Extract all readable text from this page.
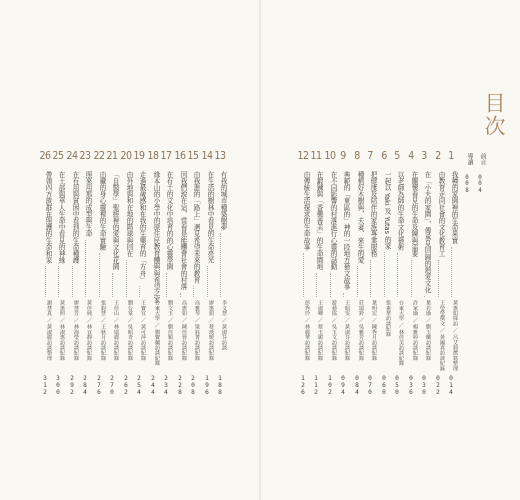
目次
前言
0
0
4
導讀
0
0
8
1
我種的家園裡的生命果實
黃惠如採訪 ／ 呂艾莉撰寫整理
0
1
4
2
由教育走向社會的文化教育工
王瑩瑩撰文 ／ 黃國真訪談紀錄
0
2
2
3
在「小夫的家園」，傳承見回歸的熱愛文化
葉若瑜 ／ 劉玉蘭訪談紀錄
0
3
0
4
在關懷看見的生命及陳與需要
許家瑜 ／ 楊雅婷訪談紀錄
0
3
6
5
以老師為師的生命文化藝術
台東大學 ／ 林佳美訪談紀錄
0
5
0
6
一起以 Yaki 及 Yutas 的家
張素華訪談紀錄
0
6
0
7
把健康及陪伴的家族專業服務
葉明宏 ／ 陳秀月訪談紀錄
0
7
0
8
種植好木樹與，夫妻、來生的愛
莊瑞鈴 ／ 吳雅芳訪談紀錄
0
8
4
9
典範的「東區的」神的一段地方藝文故事
王昭雯 ／ 黃淑芬訪談紀錄
0
9
4
10
在不同影響的村落進行心靈的話動
游藝協 ／ 吳玉文訪談紀錄
1
0
2
11
在鍛鍊與「香藥善美」的生命園地
王淑卿 ／ 蔡玉媚訪談紀錄
1
1
2
12
由傳統生活探求的生命故事
彭秀玲 ／ 林麗華訪談紀錄
1
2
6
13
有我的城市種築樹夢
李文慧 ／ 黃淑芬訪談
1
8
8
14
在生活的樹林中看見的生命亮光
廖惠娟 ／ 蔡琇媛訪談紀錄
1
9
6
15
由我進的「路上」遇見希望未來的教育
高雅琴 ／ 梁鈺菁訪談紀錄
2
0
8
16
因我們說在這，當看是能體會社會的村落
高惠如 ／ 陳佳蓉訪談紀錄
2
2
8
17
在有土的文化中培育的的心靈學園
劉文玉 ／ 劉佳穎訪談紀錄
2
3
4
18
緣本山的小學中的原住民教育體與與希望之家
台東大學 ／ 劉寶蘭訪談紀錄
2
4
4
19
走過最歲感和在我的生樂育的「方舟」
王寶宜 ／ 黃可萍訪談紀錄
2
5
4
20
由外地與和在地的階球與回在
劉台棠 ／ 吳昭青訪談紀錄
2
6
2
21
「自醫學」聖經裡的愛與文化花園
王佳山 ／ 林瑞麗訪談紀錄
2
7
0
22
由藏的身心靈裡的生命實驗
張鈞慧 ／ 王秋月訪談紀錄
2
7
6
23
照來用那的成型與生命
黃佳純 ／ 林宜靜訪談紀錄
2
8
4
24
在有用與貧困中看到的生命種護
廖慧芳 ／ 林海瑩訪談紀錄
2
9
2
25
在土部與華人生命中看見的神緣
黃惠照 ／ 林淑惠訪談紀錄
3
0
0
26
帶領四方族群在照護的生命和家
謝慧真 ／ 黃淑麗訪談整理
3
1
2
